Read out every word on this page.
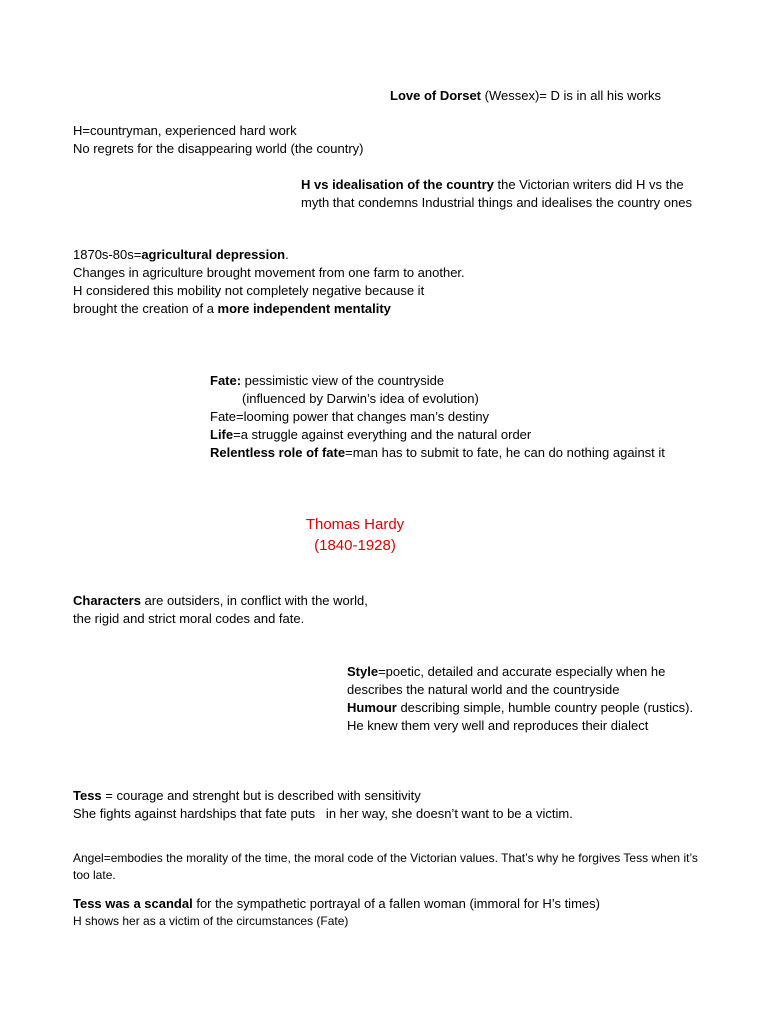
Love of Dorset (Wessex)= D is in all his works

H=countryman, experienced hard work
No regrets for the disappearing world (the country)

H vs idealisation of the country the Victorian writers did H vs the myth that condemns Industrial things and idealises the country ones

1870s-80s=agricultural depression.
Changes in agriculture brought movement from one farm to another.
H considered this mobility not completely negative because it
brought the creation of a more independent mentality

Fate: pessimistic view of the countryside
(influenced by Darwin’s idea of evolution)
Fate=looming power that changes man’s destiny
Life=a struggle against everything and the natural order
Relentless role of fate=man has to submit to fate, he can do nothing against it
Thomas Hardy
(1840-1928)

Characters are outsiders, in conflict with the world,
the rigid and strict moral codes and fate.

Style=poetic, detailed and accurate especially when he describes the natural world and the countryside
Humour describing simple, humble country people (rustics). He knew them very well and reproduces their dialect

Tess = courage and strenght but is described with sensitivity
She fights against hardships that fate puts   in her way, she doesn’t want to be a victim.

Angel=embodies the morality of the time, the moral code of the Victorian values. That’s why he forgives Tess when it’s too late.

Tess was a scandal for the sympathetic portrayal of a fallen woman (immoral for H’s times)
H shows her as a victim of the circumstances (Fate)
